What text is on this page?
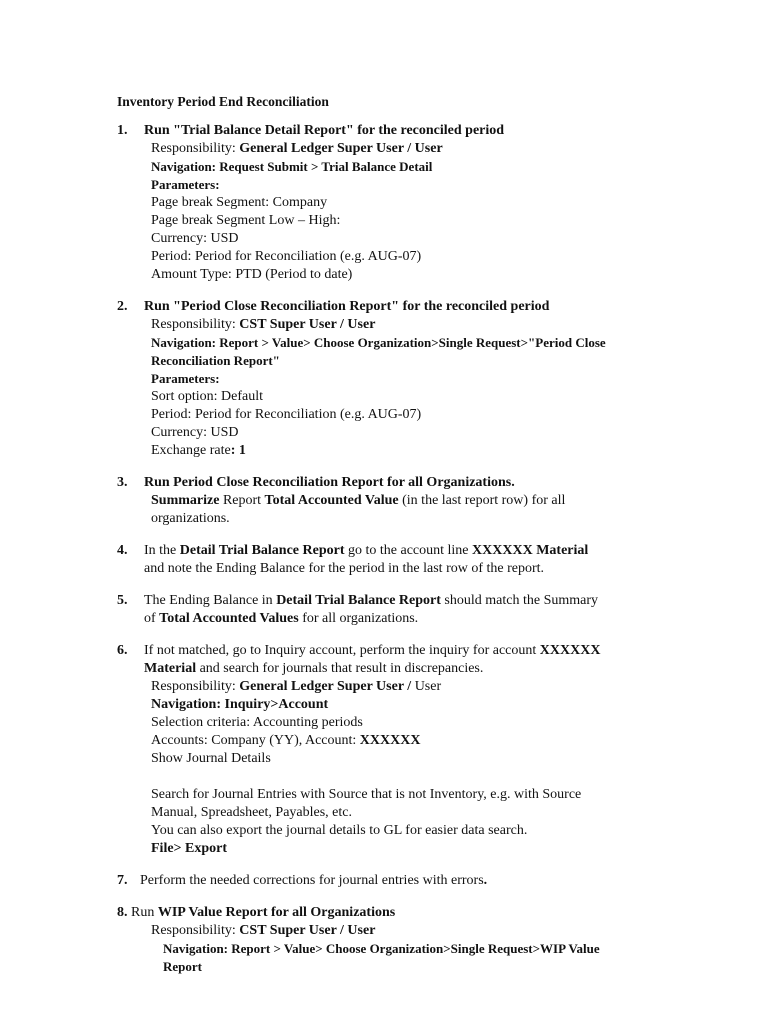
Inventory Period End Reconciliation
1. Run "Trial Balance Detail Report" for the reconciled period
Responsibility: General Ledger Super User / User
Navigation: Request Submit > Trial Balance Detail
Parameters:
Page break Segment: Company
Page break Segment Low – High:
Currency: USD
Period: Period for Reconciliation (e.g. AUG-07)
Amount Type: PTD (Period to date)
2. Run "Period Close Reconciliation Report" for the reconciled period
Responsibility: CST Super User / User
Navigation: Report > Value> Choose Organization>Single Request>"Period Close
Reconciliation Report"
Parameters:
Sort option: Default
Period: Period for Reconciliation (e.g. AUG-07)
Currency: USD
Exchange rate: 1
3. Run Period Close Reconciliation Report for all Organizations.
Summarize Report Total Accounted Value (in the last report row) for all
organizations.
4. In the Detail Trial Balance Report go to the account line XXXXXX Material
and note the Ending Balance for the period in the last row of the report.
5. The Ending Balance in Detail Trial Balance Report should match the Summary
of Total Accounted Values for all organizations.
6. If not matched, go to Inquiry account, perform the inquiry for account XXXXXX
Material and search for journals that result in discrepancies.
Responsibility: General Ledger Super User / User
Navigation: Inquiry>Account
Selection criteria: Accounting periods
Accounts: Company (YY), Account: XXXXXX
Show Journal Details
Search for Journal Entries with Source that is not Inventory, e.g. with Source
Manual, Spreadsheet, Payables, etc.
You can also export the journal details to GL for easier data search.
File> Export
7. Perform the needed corrections for journal entries with errors.
8. Run WIP Value Report for all Organizations
Responsibility: CST Super User / User
Navigation: Report > Value> Choose Organization>Single Request>WIP Value
Report
